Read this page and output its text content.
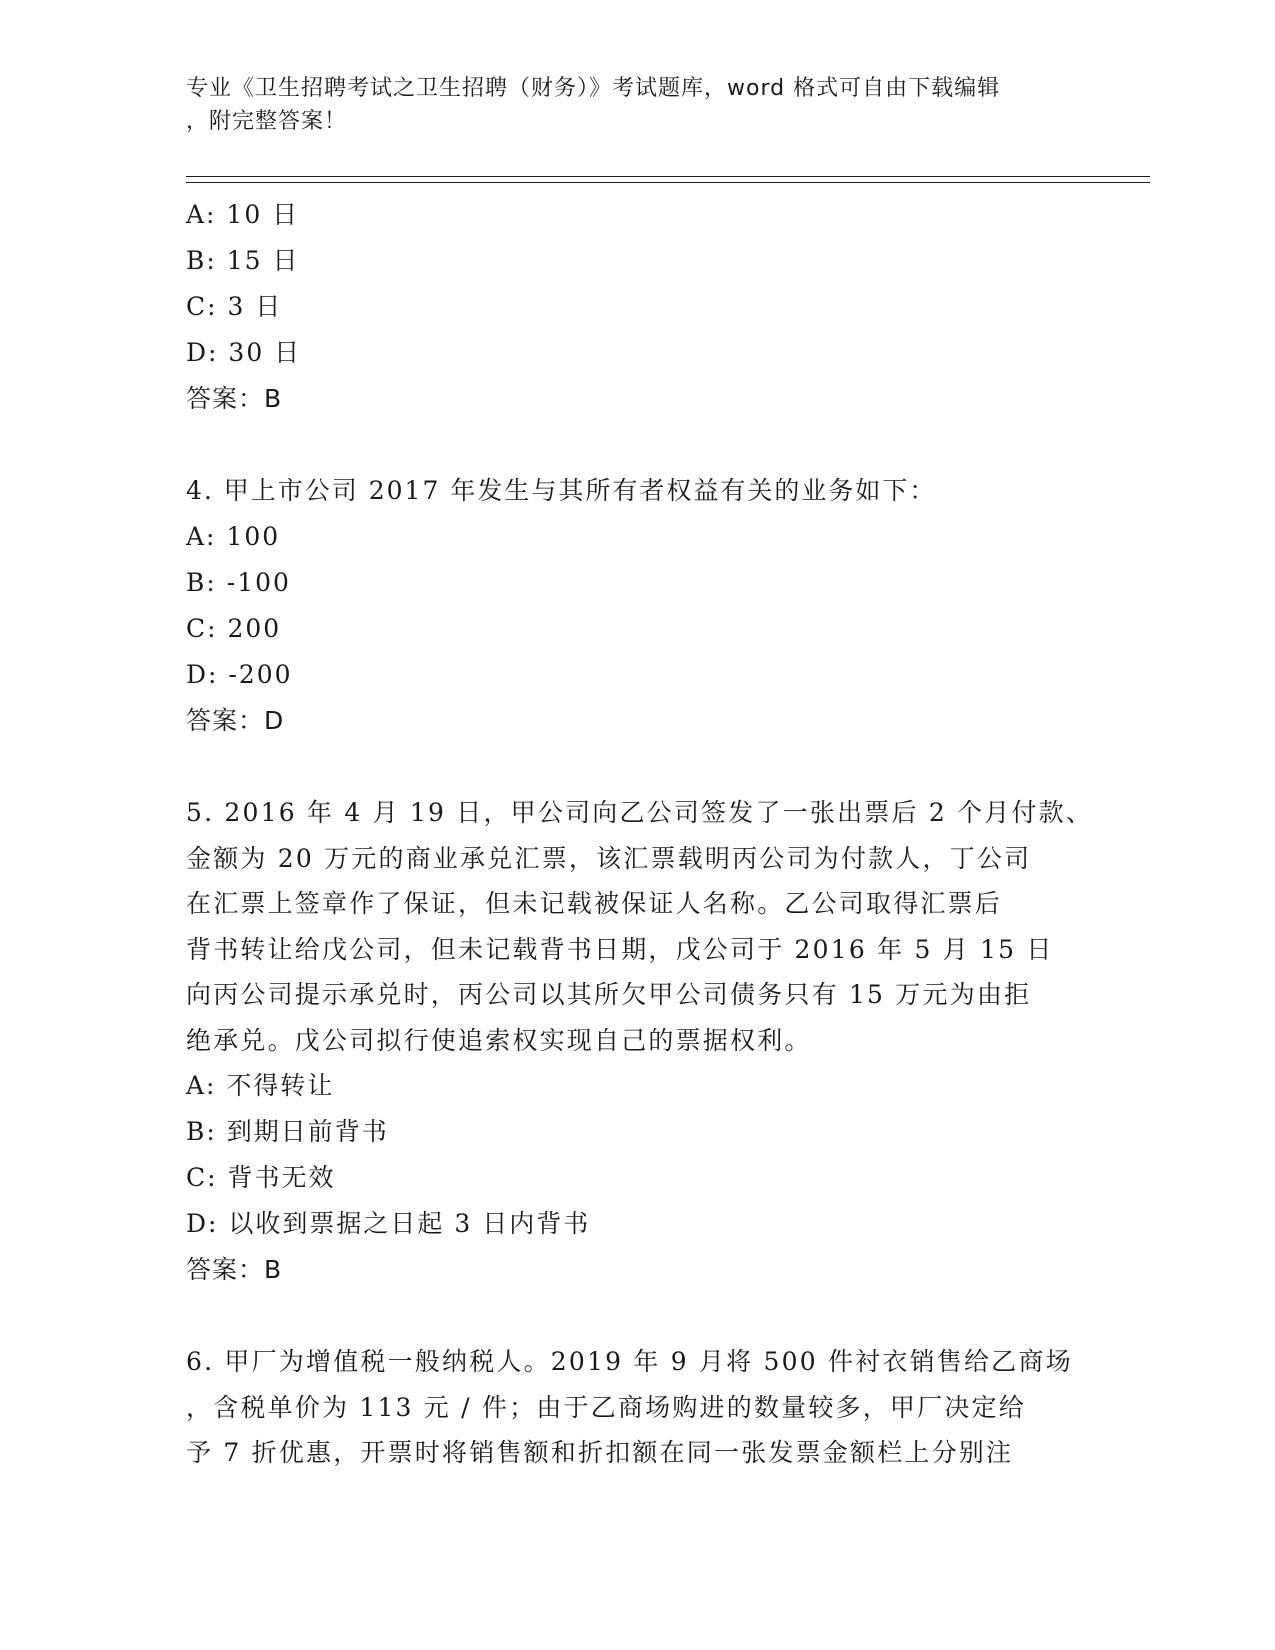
专业《卫生招聘考试之卫生招聘（财务）》考试题库，word 格式可自由下载编辑
，附完整答案！
A: 10 日
B: 15 日
C: 3 日
D: 30 日
答案：B
4. 甲上市公司 2017 年发生与其所有者权益有关的业务如下：
A: 100
B: -100
C: 200
D: -200
答案：D
5. 2016 年 4 月 19 日，甲公司向乙公司签发了一张出票后 2 个月付款、
金额为 20 万元的商业承兑汇票，该汇票载明丙公司为付款人，丁公司
在汇票上签章作了保证，但未记载被保证人名称。乙公司取得汇票后
背书转让给戊公司，但未记载背书日期，戊公司于 2016 年 5 月 15 日
向丙公司提示承兑时，丙公司以其所欠甲公司债务只有 15 万元为由拒
绝承兑。戊公司拟行使追索权实现自己的票据权利。
A: 不得转让
B: 到期日前背书
C: 背书无效
D: 以收到票据之日起 3 日内背书
答案：B
6. 甲厂为增值税一般纳税人。2019 年 9 月将 500 件衬衣销售给乙商场
，含税单价为 113 元 / 件；由于乙商场购进的数量较多，甲厂决定给
予 7 折优惠，开票时将销售额和折扣额在同一张发票金额栏上分别注
